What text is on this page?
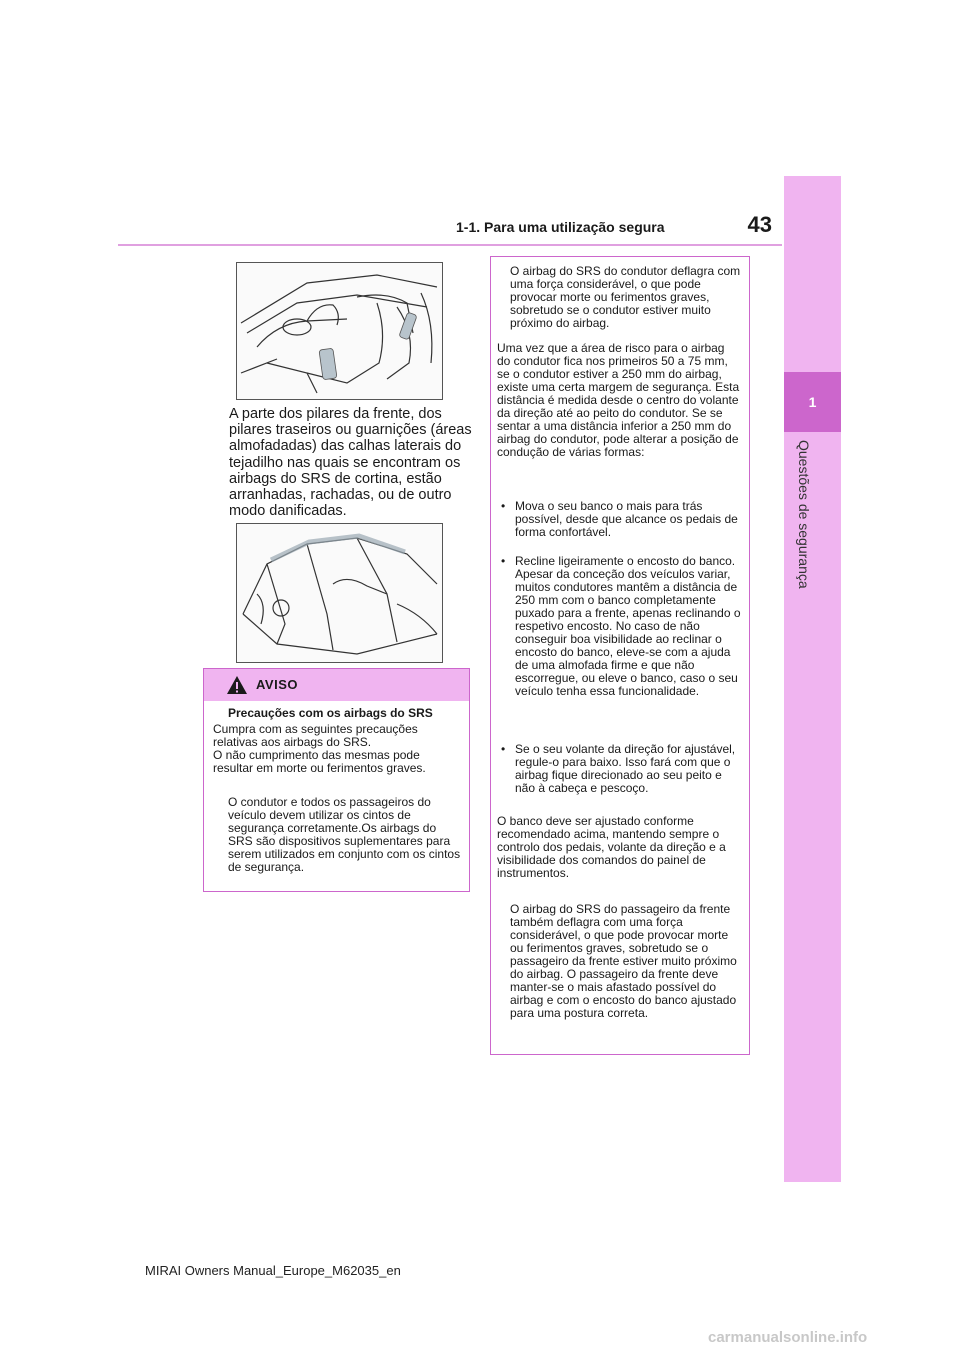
1-1. Para uma utilização segura	43
1
Questões de segurança
A parte dos pilares da frente, dos pilares traseiros ou guarnições (áreas almofadadas) das calhas laterais do tejadilho nas quais se encontram os airbags do SRS de cortina, estão arranhadas, rachadas, ou de outro modo danificadas.
AVISO
Precauções com os airbags do SRS
Cumpra com as seguintes precauções relativas aos airbags do SRS.
O não cumprimento das mesmas pode resultar em morte ou ferimentos graves.
O condutor e todos os passageiros do veículo devem utilizar os cintos de segurança corretamente.Os airbags do SRS são dispositivos suplementares para serem utilizados em conjunto com os cintos de segurança.
O airbag do SRS do condutor deflagra com uma força considerável, o que pode provocar morte ou ferimentos graves, sobretudo se o condutor estiver muito próximo do airbag.
Uma vez que a área de risco para o airbag do condutor fica nos primeiros 50 a 75 mm, se o condutor estiver a 250 mm do airbag, existe uma certa margem de segurança. Esta distância é medida desde o centro do volante da direção até ao peito do condutor. Se se sentar a uma distância inferior a 250 mm do airbag do condutor, pode alterar a posição de condução de várias formas:
• Mova o seu banco o mais para trás possível, desde que alcance os pedais de forma confortável.
• Recline ligeiramente o encosto do banco. Apesar da conceção dos veículos variar, muitos condutores mantêm a distância de 250 mm com o banco completamente puxado para a frente, apenas reclinando o respetivo encosto. No caso de não conseguir boa visibilidade ao reclinar o encosto do banco, eleve-se com a ajuda de uma almofada firme e que não escorregue, ou eleve o banco, caso o seu veículo tenha essa funcionalidade.
• Se o seu volante da direção for ajustável, regule-o para baixo. Isso fará com que o airbag fique direcionado ao seu peito e não à cabeça e pescoço.
O banco deve ser ajustado conforme recomendado acima, mantendo sempre o controlo dos pedais, volante da direção e a visibilidade dos comandos do painel de instrumentos.
O airbag do SRS do passageiro da frente também deflagra com uma força considerável, o que pode provocar morte ou ferimentos graves, sobretudo se o passageiro da frente estiver muito próximo do airbag. O passageiro da frente deve manter-se o mais afastado possível do airbag e com o encosto do banco ajustado para uma postura correta.
MIRAI Owners Manual_Europe_M62035_en
carmanualsonline.info
